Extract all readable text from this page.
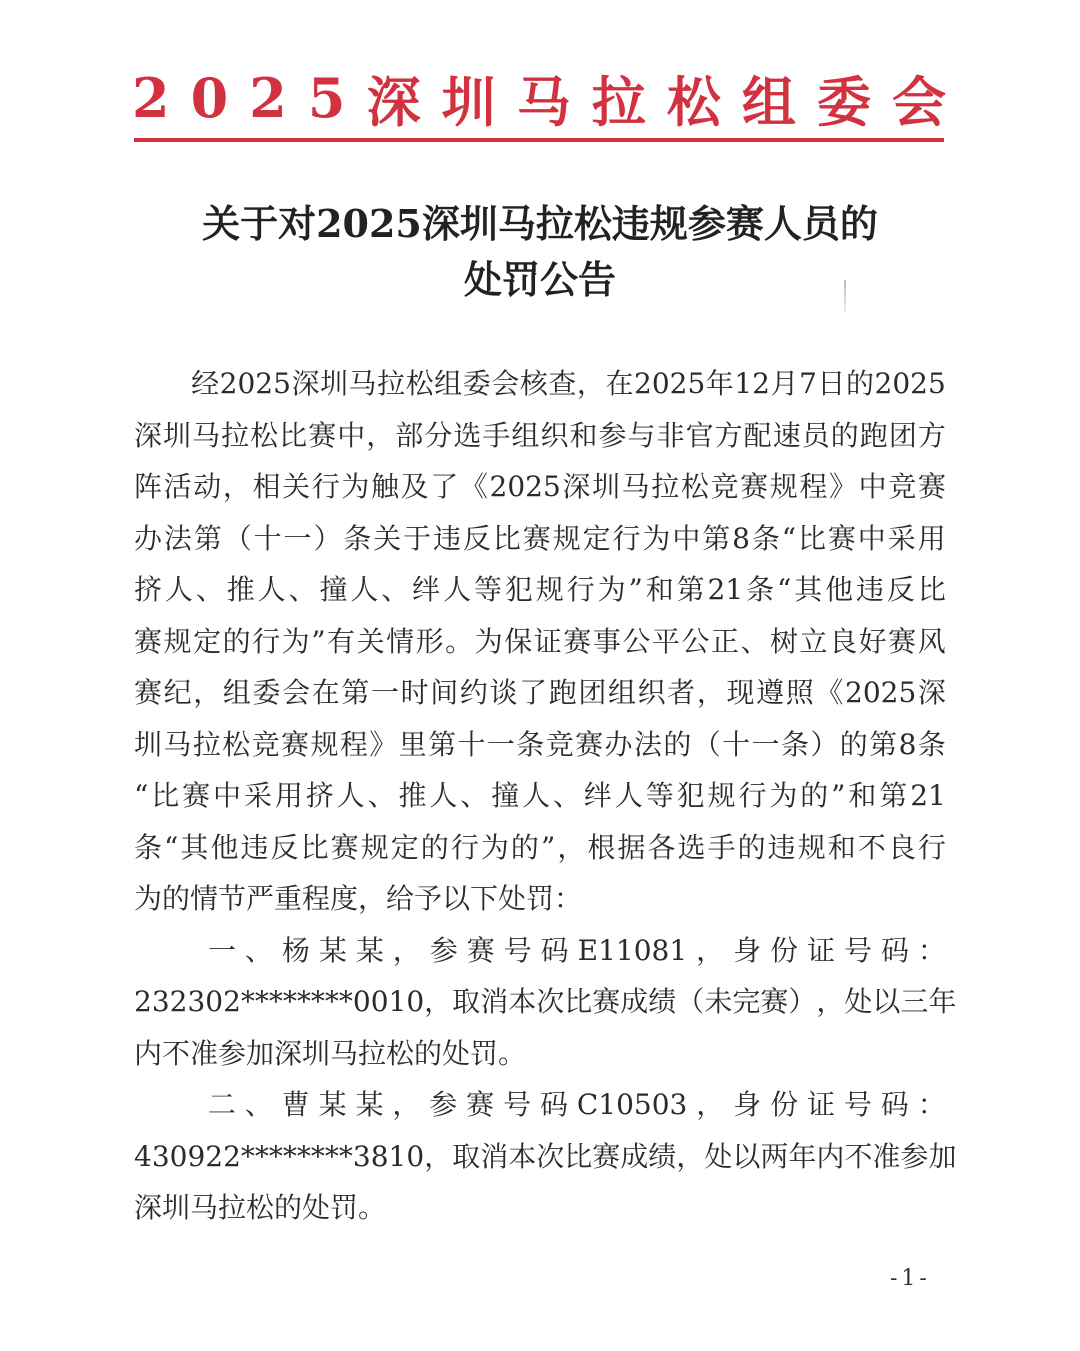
2 0 2 5 深 圳 马 拉 松 组 委 会
关于对2025深圳马拉松违规参赛人员的
处罚公告

经 2025 深 圳 马 拉 松 组 委 会 核 查 ， 在 2025 年 12 月 7 日 的 2025
深 圳 马 拉 松 比 赛 中 ， 部 分 选 手 组 织 和 参 与 非 官 方 配 速 员 的 跑 团 方
阵 活 动 ， 相 关 行 为 触 及 了 《 2025 深 圳 马 拉 松 竞 赛 规 程 》 中 竞 赛
办 法 第 （ 十 一 ） 条 关 于 违 反 比 赛 规 定 行 为 中 第 8 条 “ 比 赛 中 采 用
挤 人 、 推 人 、 撞 人 、 绊 人 等 犯 规 行 为 ” 和 第 21 条 “ 其 他 违 反 比
赛 规 定 的 行 为 ” 有 关 情 形 。 为 保 证 赛 事 公 平 公 正 、 树 立 良 好 赛 风
赛 纪 ， 组 委 会 在 第 一 时 间 约 谈 了 跑 团 组 织 者 ， 现 遵 照 《 2025 深
圳 马 拉 松 竞 赛 规 程 》 里 第 十 一 条 竞 赛 办 法 的 （ 十 一 条 ） 的 第 8 条
“ 比 赛 中 采 用 挤 人 、 推 人 、 撞 人 、 绊 人 等 犯 规 行 为 的 ” 和 第 21
条 “ 其 他 违 反 比 赛 规 定 的 行 为 的 ” ， 根 据 各 选 手 的 违 规 和 不 良 行
为的情节严重程度，给予以下处罚：

一 、 杨 某 某 ， 参 赛 号 码 E11081 ， 身 份 证 号 码 ：
232302********0010 ， 取 消 本 次 比 赛 成 绩 （ 未 完 赛 ） ， 处 以 三 年
内不准参加深圳马拉松的处罚。

二 、 曹 某 某 ， 参 赛 号 码 C10503 ， 身 份 证 号 码 ：
430922********3810 ， 取 消 本 次 比 赛 成 绩 ， 处 以 两 年 内 不 准 参 加
深圳马拉松的处罚。
-1-
